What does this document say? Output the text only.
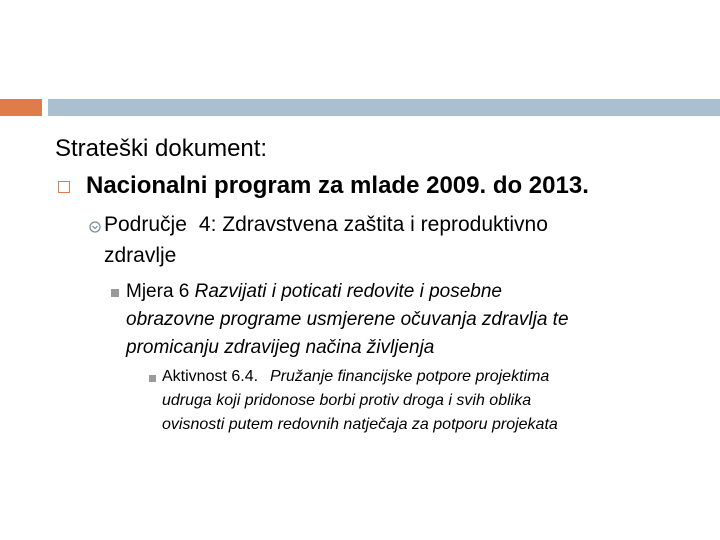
Strateški dokument:
Nacionalni program za mlade 2009. do 2013.
Područje 4: Zdravstvena zaštita i reproduktivno
zdravlje
Mjera 6 Razvijati i poticati redovite i posebne
obrazovne programe usmjerene očuvanja zdravlja te
promicanju zdravijeg načina življenja
Aktivnost 6.4. Pružanje financijske potpore projektima
udruga koji pridonose borbi protiv droga i svih oblika
ovisnosti putem redovnih natječaja za potporu projekata
